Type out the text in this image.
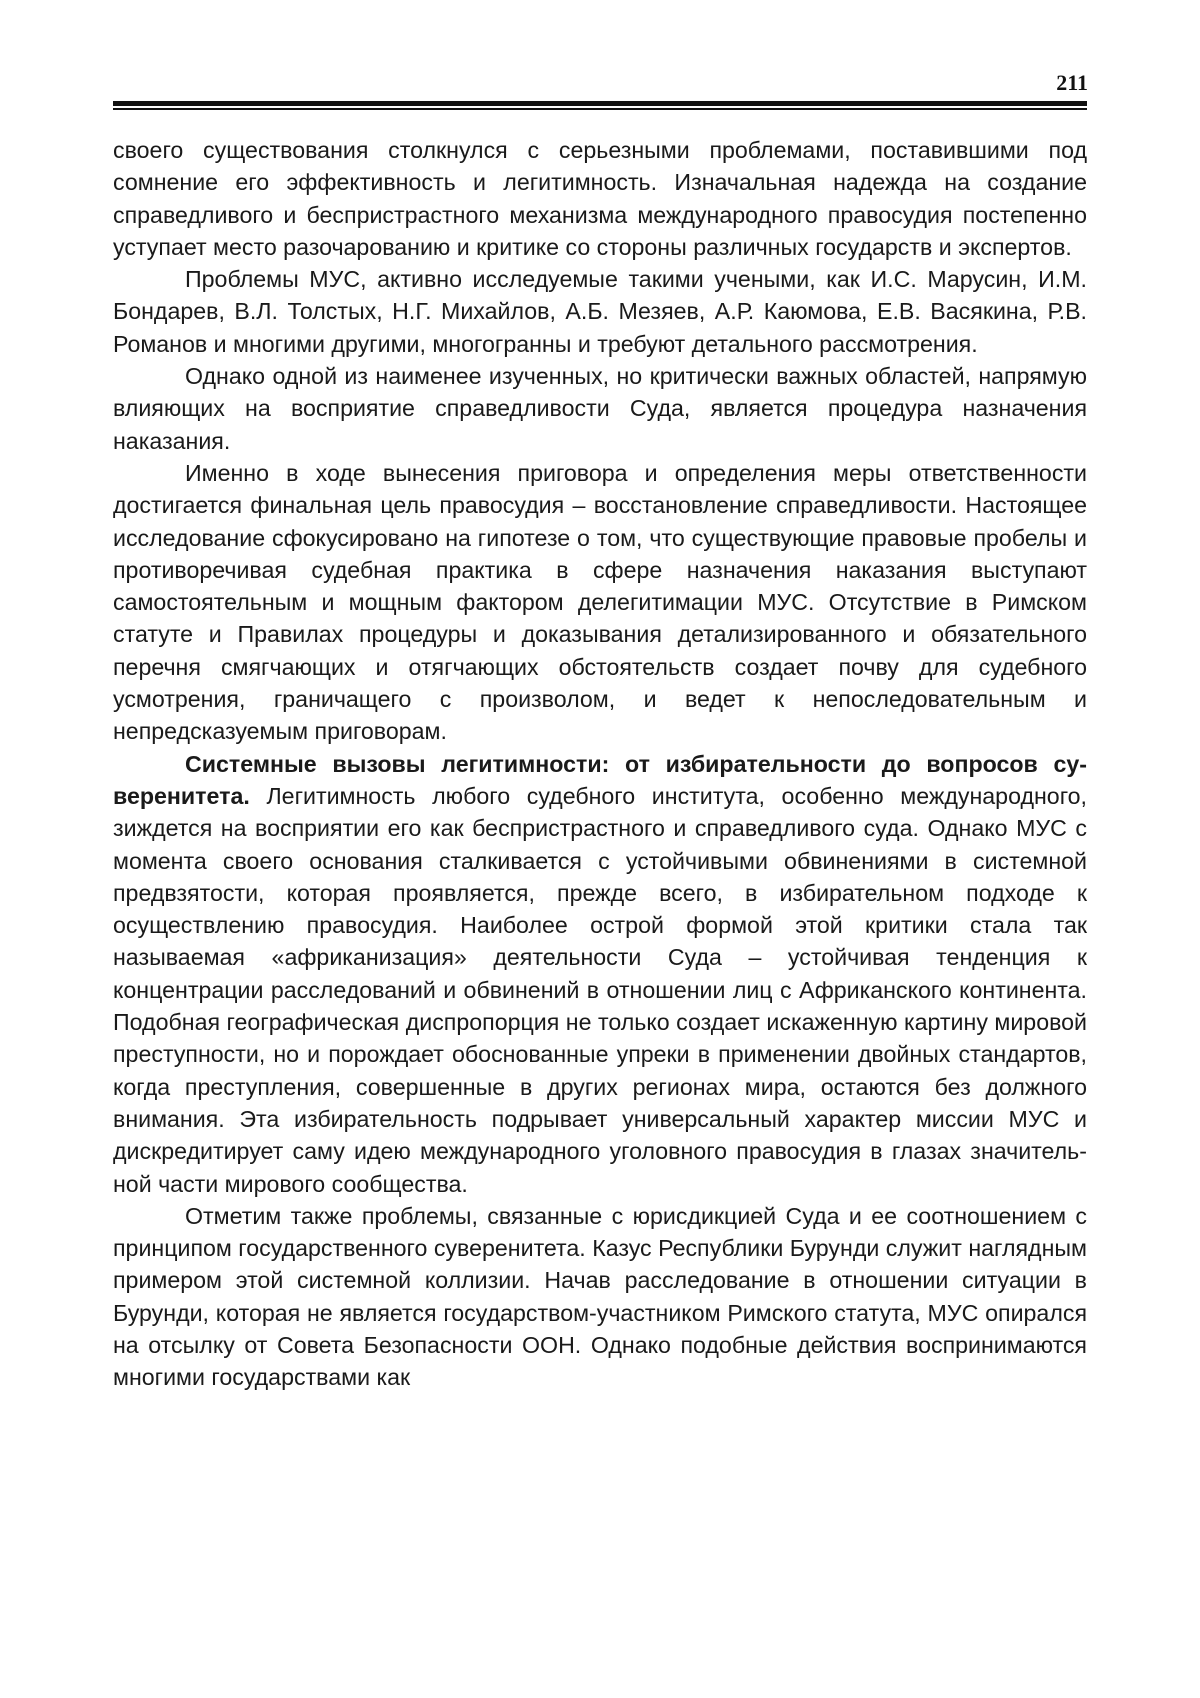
211

своего существования столкнулся с серьезными проблемами, поставившими под сомнение его эффективность и легитимность. Изначальная надежда на создание справедливого и беспристрастного механизма международного правосудия постепенно уступает место разочарованию и критике со стороны различных государств и экспертов.

Проблемы МУС, активно исследуемые такими учеными, как И.С. Марусин, И.М. Бондарев, В.Л. Толстых, Н.Г. Михайлов, А.Б. Мезяев, А.Р. Каюмова, Е.В. Васякина, Р.В. Романов и многими другими, многогранны и требуют детального рассмотрения.

Однако одной из наименее изученных, но критически важных областей, напрямую влияющих на восприятие справедливости Суда, является процедура назначения наказания.

Именно в ходе вынесения приговора и определения меры ответственности достигается финальная цель правосудия – восстановление справедливости. Настоящее исследование сфокусировано на гипотезе о том, что существующие правовые пробелы и противоречивая судебная практика в сфере назначения наказания выступают самостоятельным и мощным фактором делегитимации МУС. Отсутствие в Римском статуте и Правилах процедуры и доказывания детализированного и обязательного перечня смягчающих и отягчающих обстоятельств создает почву для судебного усмотрения, граничащего с произволом, и ведет к непоследовательным и непредсказуемым приговорам.

Системные вызовы легитимности: от избирательности до вопросов суверенитета. Легитимность любого судебного института, особенно международного, зиждется на восприятии его как беспристрастного и справедливого суда. Однако МУС с момента своего основания сталкивается с устойчивыми обвинениями в системной предвзятости, которая проявляется, прежде всего, в избирательном подходе к осуществлению правосудия. Наиболее острой формой этой критики стала так называемая «африканизация» деятельности Суда – устойчивая тенденция к концентрации расследований и обвинений в отношении лиц с Африканского континента. Подобная географическая диспропорция не только создает искаженную картину мировой преступности, но и порождает обоснованные упреки в применении двойных стандартов, когда преступления, совершенные в других регионах мира, остаются без должного внимания. Эта избирательность подрывает универсальный характер миссии МУС и дискредитирует саму идею международного уголовного правосудия в глазах значительной части мирового сообщества.

Отметим также проблемы, связанные с юрисдикцией Суда и ее соотношением с принципом государственного суверенитета. Казус Республики Бурунди служит наглядным примером этой системной коллизии. Начав расследование в отношении ситуации в Бурунди, которая не является государством-участником Римского статута, МУС опирался на отсылку от Совета Безопасности ООН. Однако подобные действия воспринимаются многими государствами как
